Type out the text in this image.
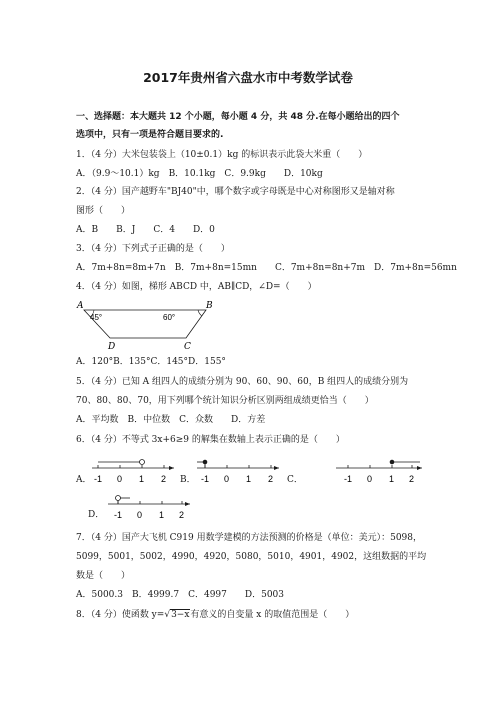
2017年贵州省六盘水市中考数学试卷
一、选择题：本大题共 12 个小题，每小题 4 分，共 48 分.在每小题给出的四个
选项中，只有一项是符合题目要求的.
1．（4 分）大米包装袋上（10±0.1）kg 的标识表示此袋大米重（　　）
A．（9.9～10.1）kg　B．10.1kg　C．9.9kg　　D．10kg
2．（4 分）国产越野车"BJ40"中，哪个数字或字母既是中心对称图形又是轴对称
图形（　　）
A．B　　B．J　　C．4　　D．0
3．（4 分）下列式子正确的是（　　）
A．7m+8n=8m+7n　B．7m+8n=15mn　　C．7m+8n=8n+7m　D．7m+8n=56mn
4．（4 分）如图，梯形 ABCD 中，AB∥CD，∠D=（　　）
A	B
C
D
45°	60°
A．120°B．135°C．145°D．155°
5．（4 分）已知 A 组四人的成绩分别为 90、60、90、60，B 组四人的成绩分别为
70、80、80、70，用下列哪个统计知识分析区别两组成绩更恰当（　　）
A．平均数　B．中位数　C．众数　　D．方差
6．（4 分）不等式 3x+6≥9 的解集在数轴上表示正确的是（　　）
A． -1 0 1 2 B． -1 0 1 2 C．	-1 0 1 2
D． -1 0 1 2
7．（4 分）国产大飞机 C919 用数学建模的方法预测的价格是（单位：美元）：5098，
5099，5001，5002，4990，4920，5080，5010，4901，4902，这组数据的平均
数是（　　）
A．5000.3　B．4999.7　C．4997　　D．5003
8．（4 分）使函数 y=√3−x有意义的自变量 x 的取值范围是（　　）
